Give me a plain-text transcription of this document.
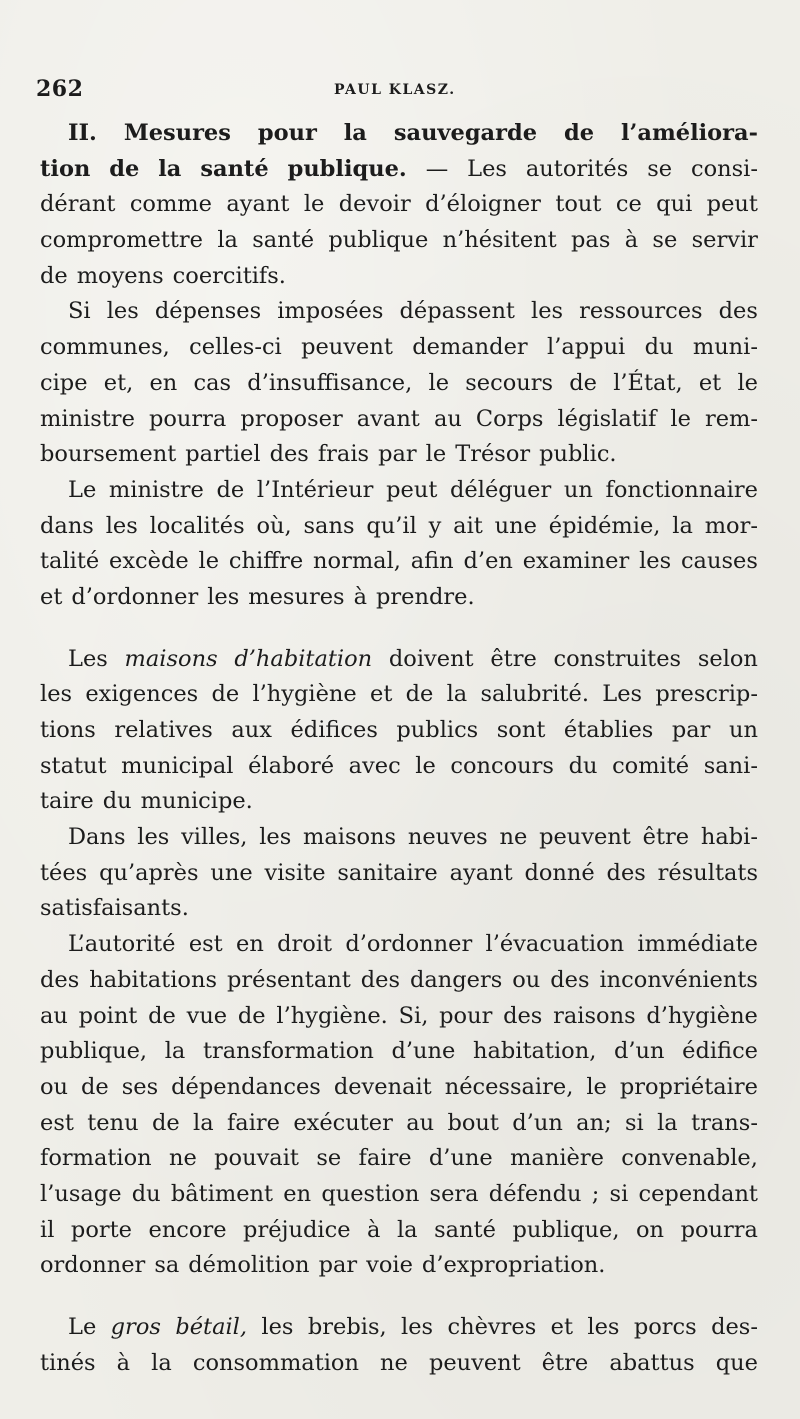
262	PAUL KLASZ.
II. Mesures pour la sauvegarde de l’améliora-
tion de la santé publique. — Les autorités se consi-
dérant comme ayant le devoir d’éloigner tout ce qui peut
compromettre la santé publique n’hésitent pas à se servir
de moyens coercitifs.
Si les dépenses imposées dépassent les ressources des
communes, celles-ci peuvent demander l’appui du muni-
cipe et, en cas d’insuffisance, le secours de l’État, et le
ministre pourra proposer avant au Corps législatif le rem-
boursement partiel des frais par le Trésor public.
Le ministre de l’Intérieur peut déléguer un fonctionnaire
dans les localités où, sans qu’il y ait une épidémie, la mor-
talité excède le chiffre normal, afin d’en examiner les causes
et d’ordonner les mesures à prendre.
Les maisons d’habitation doivent être construites selon
les exigences de l’hygiène et de la salubrité. Les prescrip-
tions relatives aux édifices publics sont établies par un
statut municipal élaboré avec le concours du comité sani-
taire du municipe.
Dans les villes, les maisons neuves ne peuvent être habi-
tées qu’après une visite sanitaire ayant donné des résultats
satisfaisants.
L’autorité est en droit d’ordonner l’évacuation immédiate
des habitations présentant des dangers ou des inconvénients
au point de vue de l’hygiène. Si, pour des raisons d’hygiène
publique, la transformation d’une habitation, d’un édifice
ou de ses dépendances devenait nécessaire, le propriétaire
est tenu de la faire exécuter au bout d’un an; si la trans-
formation ne pouvait se faire d’une manière convenable,
l’usage du bâtiment en question sera défendu ; si cependant
il porte encore préjudice à la santé publique, on pourra
ordonner sa démolition par voie d’expropriation.
Le gros bétail, les brebis, les chèvres et les porcs des-
tinés à la consommation ne peuvent être abattus que
